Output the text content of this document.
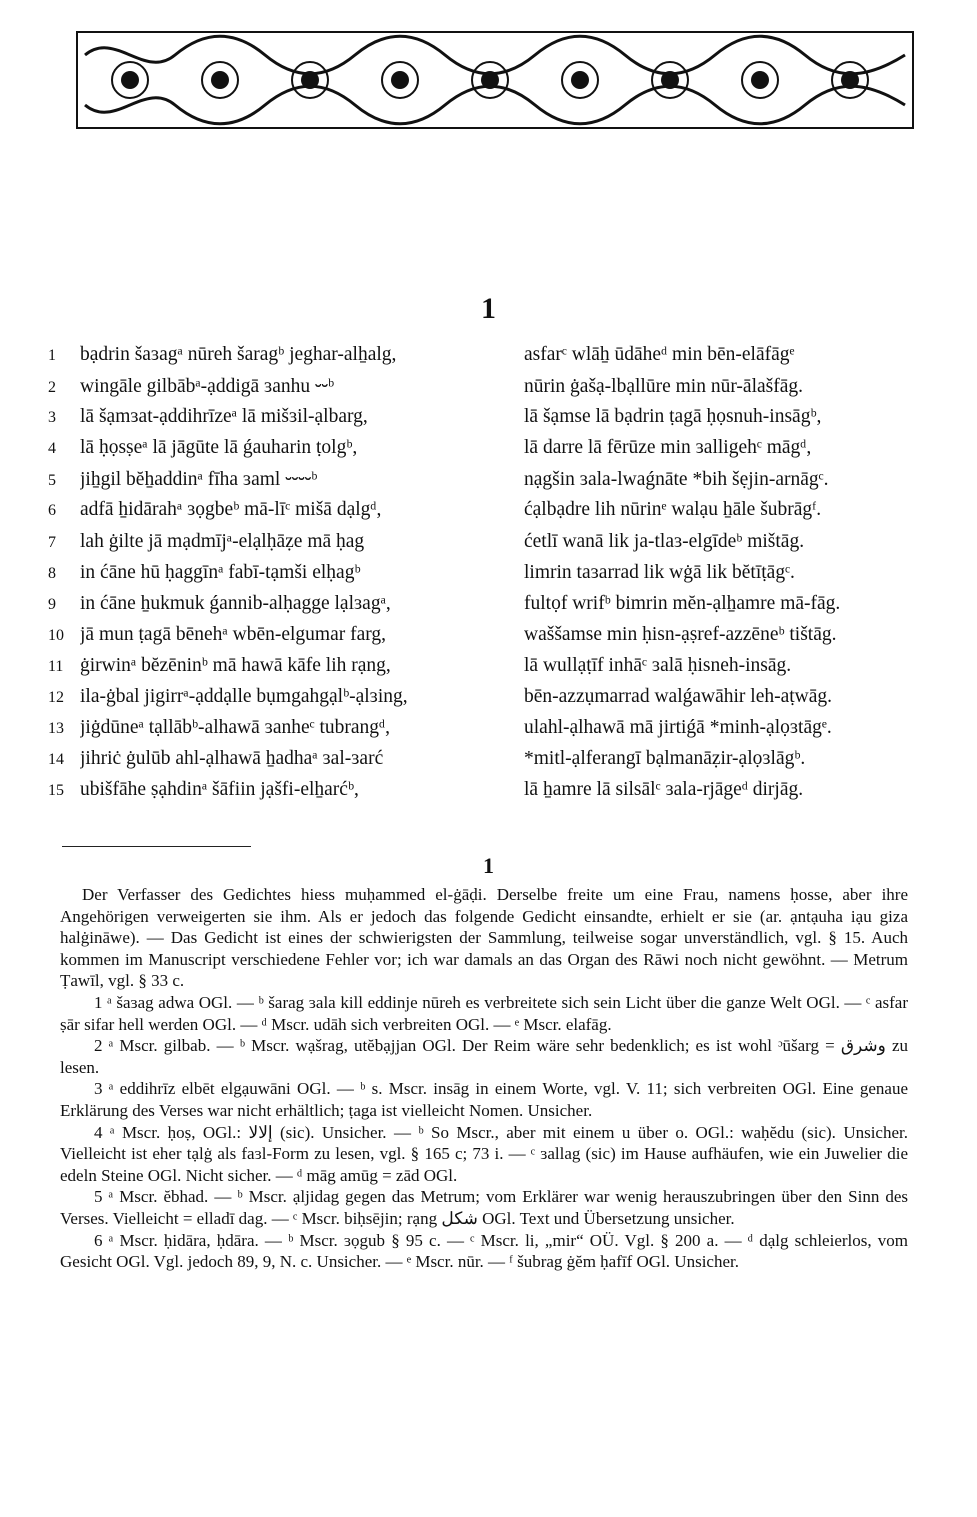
1
1	bạdrin šaɜagᵃ nūreh šaragᵇ jeghar-alẖalg,	asfarᶜ wlāẖ ūdāheᵈ min bēn-elāfāgᵉ
2	wingāle gilbābᵃ-ạddigā ɜanhu ⏑⏑ᵇ	nūrin ġašạ-lbạllūre min nūr-ālašfāg.
3	lā šạmɜat-ạddihrīzeᵃ lā mišɜil-ạlbarg,	lā šạmse lā bạdrin ṭagā ḥọsnuh-insāgᵇ,
4	lā ḥọsṣeᵃ lā jāgūte lā ǵauharin ṭolgᵇ,	lā darre lā fērūze min ɜalligehᶜ māgᵈ,
5	jiẖgil bĕẖaddinᵃ fīha ɜaml ⏑⏑⏑⏑ᵇ	nạgšin ɜala-lwaǵnāte *bih šẹjin-arnāgᶜ.
6	adfā ẖidārahᵃ ɜọgbeᵇ mā-līᶜ mišā dạlgᵈ,	ćạlbạdre lih nūrinᵉ walạu ẖāle šubrāgᶠ.
7	lah ġilte jā mạdmījᵃ-elạlḥāẓe mā ḥag	ćetlī wanā lik ja-tlaɜ-elgīdeᵇ mištāg.
8	in ćāne hū ḥaggīnᵃ fabī-tạmši elḥagᵇ	limrin taɜarrad lik wġā lik bĕtīṭāgᶜ.
9	in ćāne ẖukmuk ǵannib-alḥagge lạlɜagᵃ,	fultọf wrifᵇ bimrin mĕn-ạlẖamre mā-fāg.
10 jā mun ṭagā bēnehᵃ wbēn-elgumar farg,	waššamse min ḥisn-ạṣref-azzēneᵇ tištāg.
11 ġirwinᵃ bĕzēninᵇ mā hawā kāfe lih rạng,	lā wullạṭīf inhāᶜ ɜalā ḥisneh-insāg.
12 ila-ġbal jigirrᵃ-ạddạlle bụmgahgạlᵇ-ạlɜing,	bēn-azzụmarrad walǵawāhir leh-aṭwāg.
13 jiġdūneᵃ tạllābᵇ-alhawā ɜanheᶜ tubrangᵈ,	ulahl-ạlhawā mā jirtiǵā *minh-ạlọɜtāgᵉ.
14 jihriċ ġulūb ahl-ạlhawā ẖadhaᵃ ɜal-ɜarć	*mitl-ạlferangī bạlmanāẓir-ạlọɜlāgᵇ.
15 ubišfāhe ṣạhdinᵃ šāfiin jạšfi-elẖarćᵇ,	lā ẖamre lā silsālᶜ ɜala-rjāgeᵈ dirjāg.
1

Der Verfasser des Gedichtes hiess muḥammed el-ġāḍi. Derselbe freite um eine Frau, namens ḥosse, aber ihre Angehörigen verweigerten sie ihm. Als er jedoch das folgende Gedicht einsandte, erhielt er sie (ar. ạntạuha iạu giza halġināwe). — Das Gedicht ist eines der schwierigsten der Sammlung, teilweise sogar unverständlich, vgl. § 15. Auch kommen im Manuscript verschiedene Fehler vor; ich war damals an das Organ des Rāwi noch nicht gewöhnt. — Metrum Ṭawīl, vgl. § 33 c.

1 ᵃ šaɜag adwa OGl. — ᵇ šarag ɜala kill eddinje nūreh es verbreitete sich sein Licht über die ganze Welt OGl. — ᶜ asfar ṣār sifar hell werden OGl. — ᵈ Mscr. udāh sich verbreiten OGl. — ᵉ Mscr. elafāg.

2 ᵃ Mscr. gilbab. — ᵇ Mscr. wạšrag, utĕbạjjan OGl. Der Reim wäre sehr bedenklich; es ist wohl ᵓūšarg = وشرق zu lesen.

3 ᵃ eddihrīz elbēt elgạuwāni OGl. — ᵇ s. Mscr. insāg in einem Worte, vgl. V. 11; sich verbreiten OGl. Eine genaue Erklärung des Verses war nicht erhältlich; ṭaga ist vielleicht Nomen. Unsicher.

4 ᵃ Mscr. ḥoṣ, OGl.: إلالا (sic). Unsicher. — ᵇ So Mscr., aber mit einem u über o. OGl.: waḥĕdu (sic). Unsicher. Vielleicht ist eher tạlġ als faɜl-Form zu lesen, vgl. § 165 c; 73 i. — ᶜ ɜallag (sic) im Hause aufhäufen, wie ein Juwelier die edeln Steine OGl. Nicht sicher. — ᵈ māg amūg = zād OGl.

5 ᵃ Mscr. ĕbhad. — ᵇ Mscr. ạljidag gegen das Metrum; vom Erklärer war wenig herauszubringen über den Sinn des Verses. Vielleicht = elladī dag. — ᶜ Mscr. biḥsējin; rạng شكل OGl. Text und Übersetzung unsicher.

6 ᵃ Mscr. ḥidāra, ḥdāra. — ᵇ Mscr. ɜọgub § 95 c. — ᶜ Mscr. li, „mir“ OÜ. Vgl. § 200 a. — ᵈ dạlg schleierlos, vom Gesicht OGl. Vgl. jedoch 89, 9, N. c. Unsicher. — ᵉ Mscr. nūr. — ᶠ šubrag ġĕm ḥafīf OGl. Unsicher.
